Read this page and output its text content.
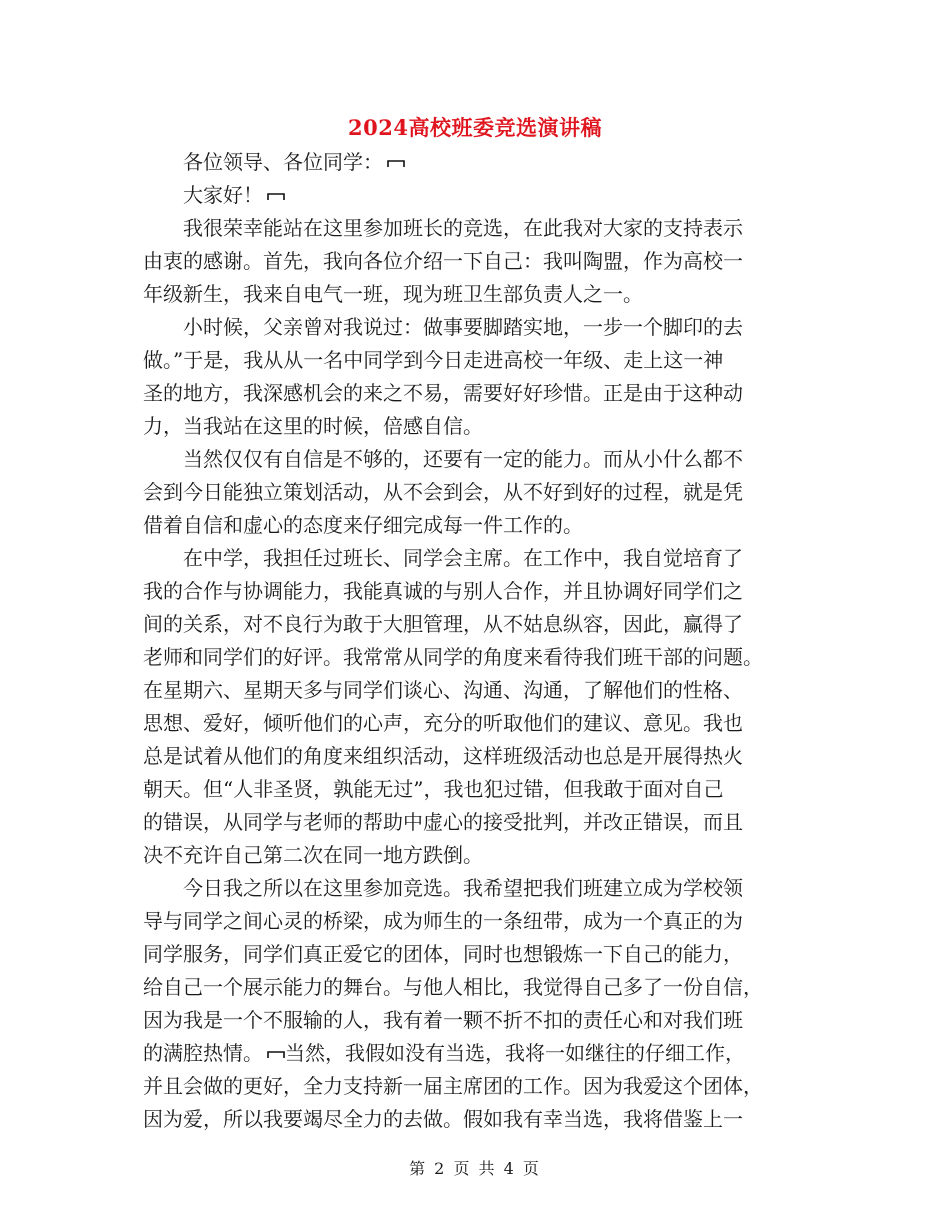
2024高校班委竞选演讲稿
各位领导、各位同学：
大家好！
我很荣幸能站在这里参加班长的竞选，在此我对大家的支持表示
由衷的感谢。首先，我向各位介绍一下自己：我叫陶盟，作为高校一
年级新生，我来自电气一班，现为班卫生部负责人之一。
小时候，父亲曾对我说过：做事要脚踏实地，一步一个脚印的去
做。”于是，我从从一名中同学到今日走进高校一年级、走上这一神
圣的地方，我深感机会的来之不易，需要好好珍惜。正是由于这种动
力，当我站在这里的时候，倍感自信。
当然仅仅有自信是不够的，还要有一定的能力。而从小什么都不
会到今日能独立策划活动，从不会到会，从不好到好的过程，就是凭
借着自信和虚心的态度来仔细完成每一件工作的。
在中学，我担任过班长、同学会主席。在工作中，我自觉培育了
我的合作与协调能力，我能真诚的与别人合作，并且协调好同学们之
间的关系，对不良行为敢于大胆管理，从不姑息纵容，因此，赢得了
老师和同学们的好评。我常常从同学的角度来看待我们班干部的问题。
在星期六、星期天多与同学们谈心、沟通、沟通，了解他们的性格、
思想、爱好，倾听他们的心声，充分的听取他们的建议、意见。我也
总是试着从他们的角度来组织活动，这样班级活动也总是开展得热火
朝天。但“人非圣贤，孰能无过”，我也犯过错，但我敢于面对自己
的错误，从同学与老师的帮助中虚心的接受批判，并改正错误，而且
决不充许自己第二次在同一地方跌倒。
今日我之所以在这里参加竞选。我希望把我们班建立成为学校领
导与同学之间心灵的桥梁，成为师生的一条纽带，成为一个真正的为
同学服务，同学们真正爱它的团体，同时也想锻炼一下自己的能力，
给自己一个展示能力的舞台。与他人相比，我觉得自己多了一份自信，
因为我是一个不服输的人，我有着一颗不折不扣的责任心和对我们班
的满腔热情。 当然，我假如没有当选，我将一如继往的仔细工作，
并且会做的更好，全力支持新一届主席团的工作。因为我爱这个团体，
因为爱，所以我要竭尽全力的去做。假如我有幸当选，我将借鉴上一
第 2 页 共 4 页
